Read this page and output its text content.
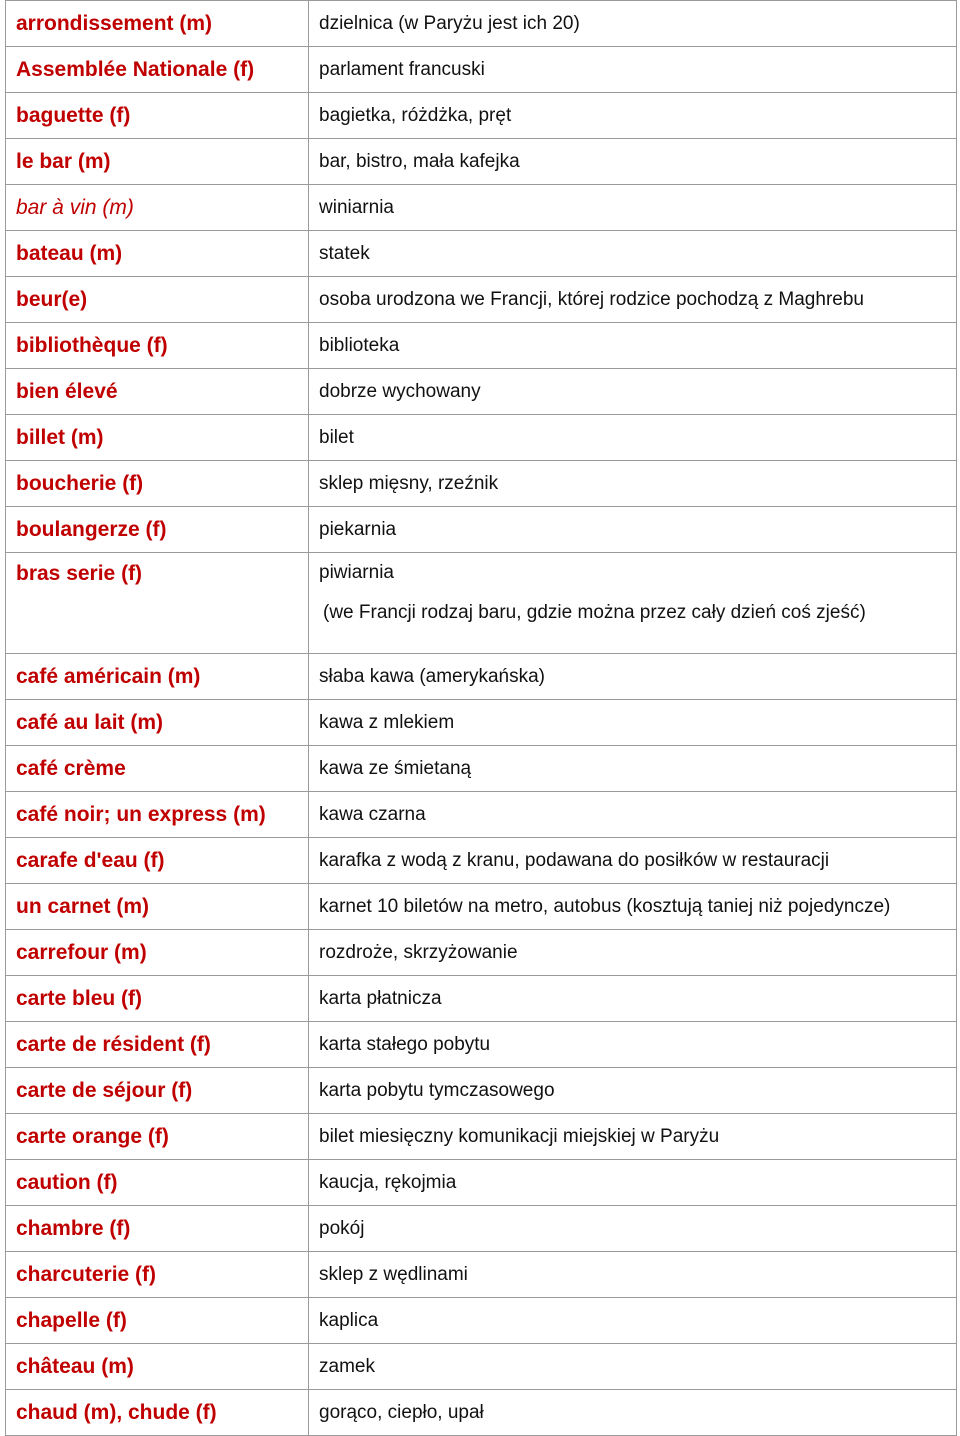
arrondissement (m)	dzielnica (w Paryżu jest ich 20)
Assemblée Nationale (f)	parlament francuski
baguette (f)	bagietka, różdżka, pręt
le bar (m)	bar, bistro, mała kafejka
bar à vin (m)	winiarnia
bateau (m)	statek
beur(e)	osoba urodzona we Francji, której rodzice pochodzą z Maghrebu
bibliothèque (f)	biblioteka
bien élevé	dobrze wychowany
billet (m)	bilet
boucherie (f)	sklep mięsny, rzeźnik
boulangerze (f)	piekarnia
bras serie (f)	piwiarnia
(we Francji rodzaj baru, gdzie można przez cały dzień coś zjeść)

café américain (m)	słaba kawa (amerykańska)
café au lait (m)	kawa z mlekiem
café crème	kawa ze śmietaną
café noir; un express (m)	kawa czarna
carafe d'eau (f)	karafka z wodą z kranu, podawana do posiłków w restauracji
un carnet (m)	karnet 10 biletów na metro, autobus (kosztują taniej niż pojedyncze)
carrefour (m)	rozdroże, skrzyżowanie
carte bleu (f)	karta płatnicza
carte de résident (f)	karta stałego pobytu
carte de séjour (f)	karta pobytu tymczasowego
carte orange (f)	bilet miesięczny komunikacji miejskiej w Paryżu
caution (f)	kaucja, rękojmia
chambre (f)	pokój
charcuterie (f)	sklep z wędlinami
chapelle (f)	kaplica
château (m)	zamek
chaud (m), chude (f)	gorąco, ciepło, upał
